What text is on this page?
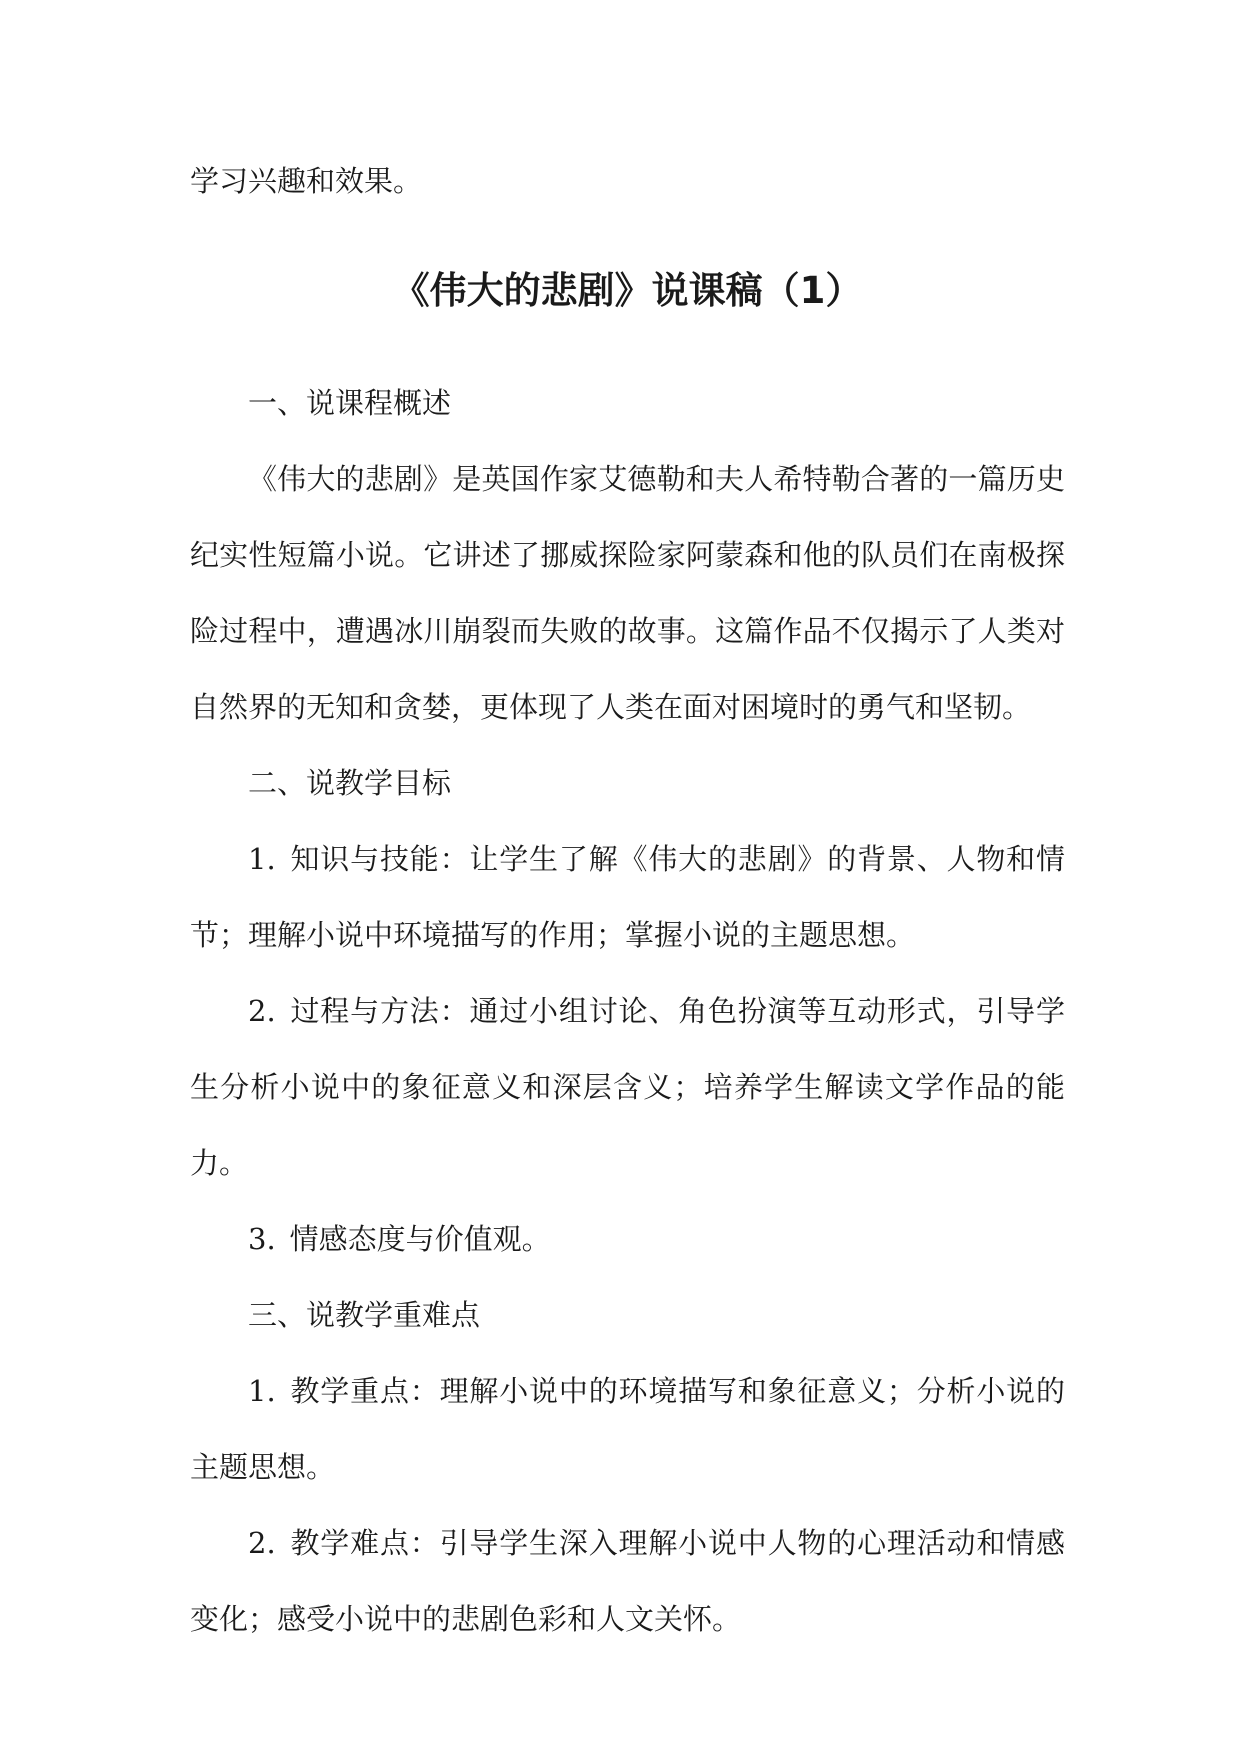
学习兴趣和效果。

《伟大的悲剧》说课稿（1）

一、说课程概述

《伟大的悲剧》是英国作家艾德勒和夫人希特勒合著的一篇历史纪实性短篇小说。它讲述了挪威探险家阿蒙森和他的队员们在南极探险过程中，遭遇冰川崩裂而失败的故事。这篇作品不仅揭示了人类对自然界的无知和贪婪，更体现了人类在面对困境时的勇气和坚韧。

二、说教学目标

1. 知识与技能：让学生了解《伟大的悲剧》的背景、人物和情节；理解小说中环境描写的作用；掌握小说的主题思想。

2. 过程与方法：通过小组讨论、角色扮演等互动形式，引导学生分析小说中的象征意义和深层含义；培养学生解读文学作品的能力。

3. 情感态度与价值观。

三、说教学重难点

1. 教学重点：理解小说中的环境描写和象征意义；分析小说的主题思想。

2. 教学难点：引导学生深入理解小说中人物的心理活动和情感变化；感受小说中的悲剧色彩和人文关怀。
